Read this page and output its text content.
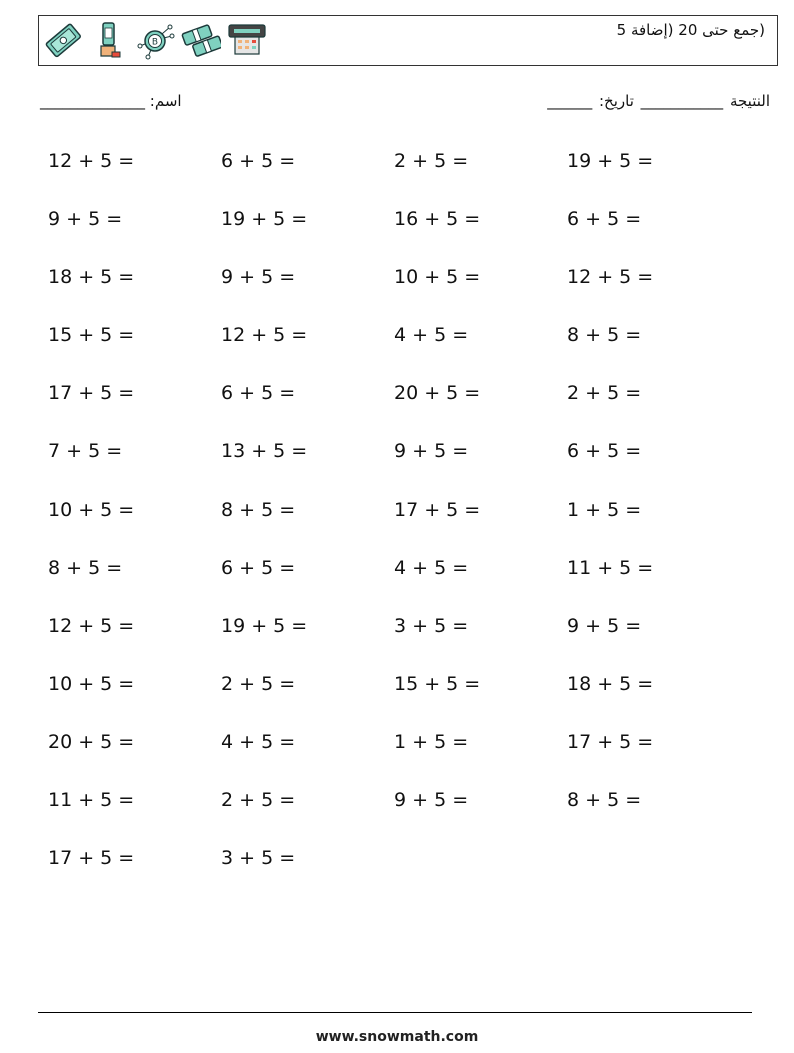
B
(جمع حتى 20 (إضافة 5
اسم: ______________	النتيجة ___________ تاريخ: ______
12 + 5 =	6 + 5 =	2 + 5 =	19 + 5 =
9 + 5 =	19 + 5 =	16 + 5 =	6 + 5 =
18 + 5 =	9 + 5 =	10 + 5 =	12 + 5 =
15 + 5 =	12 + 5 =	4 + 5 =	8 + 5 =
17 + 5 =	6 + 5 =	20 + 5 =	2 + 5 =
7 + 5 =	13 + 5 =	9 + 5 =	6 + 5 =
10 + 5 =	8 + 5 =	17 + 5 =	1 + 5 =
8 + 5 =	6 + 5 =	4 + 5 =	11 + 5 =
12 + 5 =	19 + 5 =	3 + 5 =	9 + 5 =
10 + 5 =	2 + 5 =	15 + 5 =	18 + 5 =
20 + 5 =	4 + 5 =	1 + 5 =	17 + 5 =
11 + 5 =	2 + 5 =	9 + 5 =	8 + 5 =
17 + 5 =	3 + 5 =
www.snowmath.com
